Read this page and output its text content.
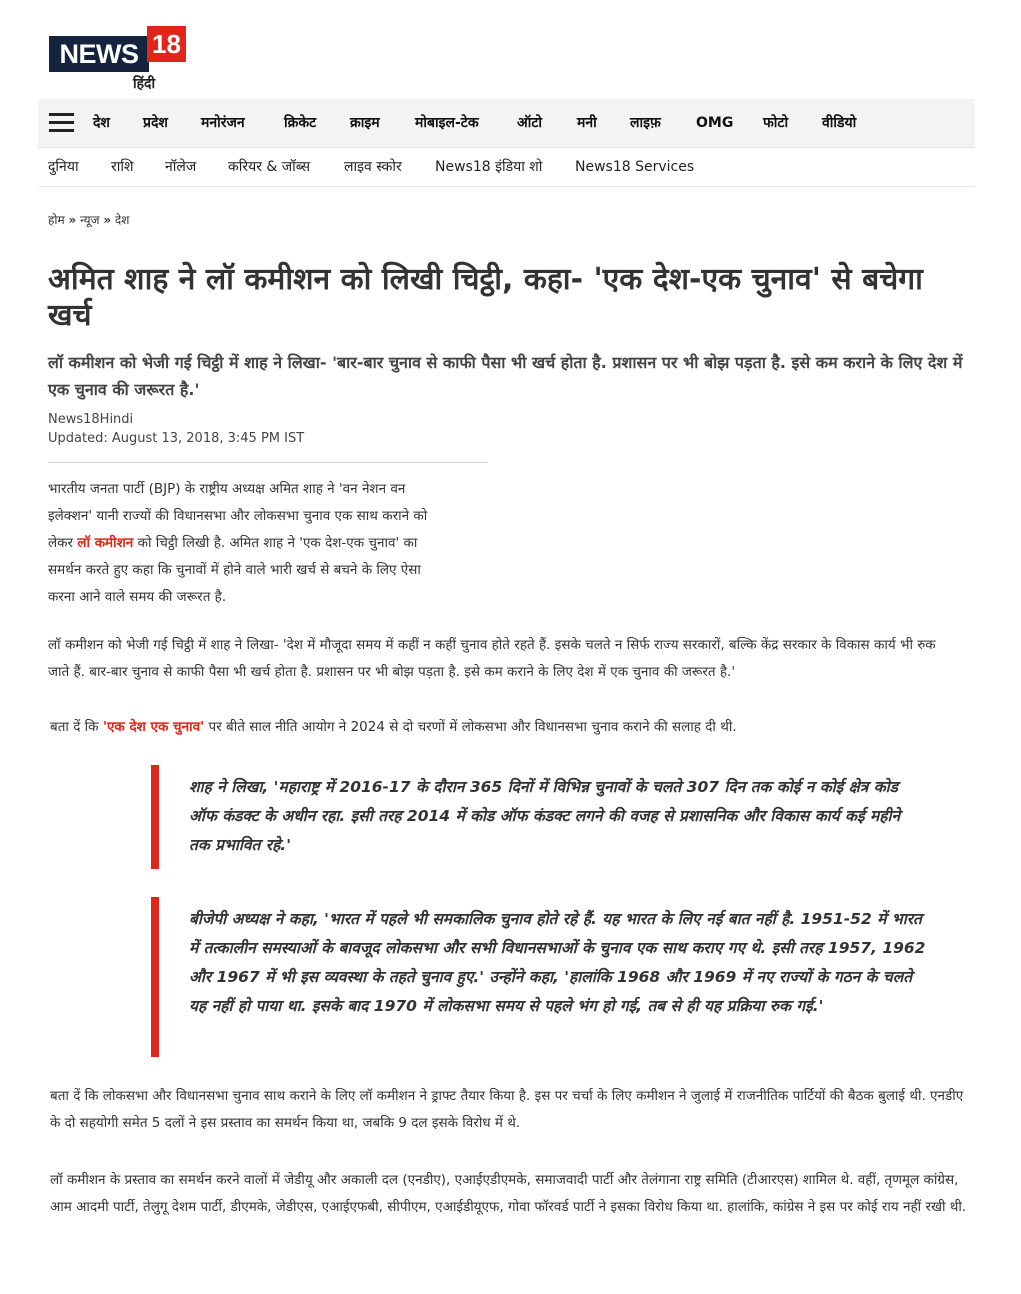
NEWS 18
हिंदी
देश प्रदेश मनोरंजन	क्रिकेट क्राइम	मोबाइल-टेक	ऑटो मनी लाइफ़	OMG फोटो वीडियो
दुनिया राशि नॉलेज करियर & जॉब्स लाइव स्कोर News18 इंडिया शो News18 Services
होम » न्यूज » देश
अमित शाह ने लॉ कमीशन को लिखी चिट्ठी, कहा- 'एक देश-एक चुनाव' से बचेगा खर्च
लॉ कमीशन को भेजी गई चिट्ठी में शाह ने लिखा- 'बार-बार चुनाव से काफी पैसा भी खर्च होता है. प्रशासन पर भी बोझ पड़ता है. इसे कम कराने के लिए देश में एक चुनाव की जरूरत है.'
News18Hindi
Updated: August 13, 2018, 3:45 PM IST

भारतीय जनता पार्टी (BJP) के राष्ट्रीय अध्यक्ष अमित शाह ने 'वन नेशन वन इलेक्शन' यानी राज्यों की विधानसभा और लोकसभा चुनाव एक साथ कराने को लेकर लॉ कमीशन को चिट्ठी लिखी है. अमित शाह ने 'एक देश-एक चुनाव' का समर्थन करते हुए कहा कि चुनावों में होने वाले भारी खर्च से बचने के लिए ऐसा करना आने वाले समय की जरूरत है.

लॉ कमीशन को भेजी गई चिट्ठी में शाह ने लिखा- 'देश में मौजूदा समय में कहीं न कहीं चुनाव होते रहते हैं. इसके चलते न सिर्फ राज्य सरकारों, बल्कि केंद्र सरकार के विकास कार्य भी रुक जाते हैं. बार-बार चुनाव से काफी पैसा भी खर्च होता है. प्रशासन पर भी बोझ पड़ता है. इसे कम कराने के लिए देश में एक चुनाव की जरूरत है.'

बता दें कि 'एक देश एक चुनाव' पर बीते साल नीति आयोग ने 2024 से दो चरणों में लोकसभा और विधानसभा चुनाव कराने की सलाह दी थी.

शाह ने लिखा, 'महाराष्ट्र में 2016-17 के दौरान 365 दिनों में विभिन्न चुनावों के चलते 307 दिन तक कोई न कोई क्षेत्र कोड ऑफ कंडक्ट के अधीन रहा. इसी तरह 2014 में कोड ऑफ कंडक्ट लगने की वजह से प्रशासनिक और विकास कार्य कई महीने तक प्रभावित रहे.'
बीजेपी अध्यक्ष ने कहा, 'भारत में पहले भी समकालिक चुनाव होते रहे हैं. यह भारत के लिए नई बात नहीं है. 1951-52 में भारत में तत्कालीन समस्याओं के बावजूद लोकसभा और सभी विधानसभाओं के चुनाव एक साथ कराए गए थे. इसी तरह 1957, 1962 और 1967 में भी इस व्यवस्था के तहते चुनाव हुए.' उन्होंने कहा, 'हालांकि 1968 और 1969 में नए राज्यों के गठन के चलते यह नहीं हो पाया था. इसके बाद 1970 में लोकसभा समय से पहले भंग हो गई, तब से ही यह प्रक्रिया रुक गई.'

बता दें कि लोकसभा और विधानसभा चुनाव साथ कराने के लिए लॉ कमीशन ने ड्राफ्ट तैयार किया है. इस पर चर्चा के लिए कमीशन ने जुलाई में राजनीतिक पार्टियों की बैठक बुलाई थी. एनडीए के दो सहयोगी समेत 5 दलों ने इस प्रस्ताव का समर्थन किया था, जबकि 9 दल इसके विरोध में थे.

लॉ कमीशन के प्रस्ताव का समर्थन करने वालों में जेडीयू और अकाली दल (एनडीए), एआईएडीएमके, समाजवादी पार्टी और तेलंगाना राष्ट्र समिति (टीआरएस) शामिल थे. वहीं, तृणमूल कांग्रेस, आम आदमी पार्टी, तेलुगू देशम पार्टी, डीएमके, जेडीएस, एआईएफबी, सीपीएम, एआईडीयूएफ, गोवा फॉरवर्ड पार्टी ने इसका विरोध किया था. हालांकि, कांग्रेस ने इस पर कोई राय नहीं रखी थी.
